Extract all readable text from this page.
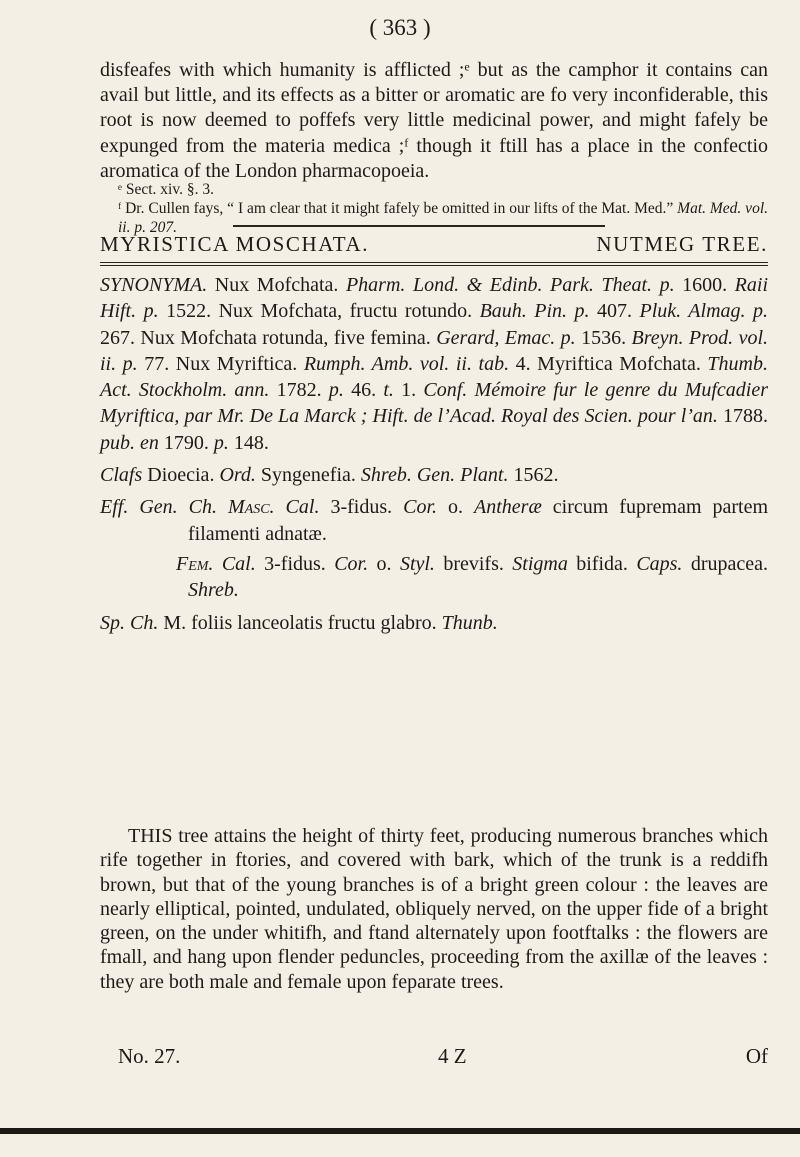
( 363 )
disfeafes with which humanity is afflicted ;ᵉ but as the camphor it contains can avail but little, and its effects as a bitter or aromatic are fo very inconfiderable, this root is now deemed to poffefs very little medicinal power, and might fafely be expunged from the materia medica ;ᶠ though it ftill has a place in the confectio aromatica of the London pharmacopoeia.
ᵉ Sect. xiv. §. 3.
ᶠ Dr. Cullen fays, “ I am clear that it might fafely be omitted in our lifts of the Mat. Med.” Mat. Med. vol. ii. p. 207.
MYRISTICA MOSCHATA.	NUTMEG TREE.

SYNONYMA. Nux Mofchata. Pharm. Lond. & Edinb. Park. Theat. p. 1600. Raii Hift. p. 1522. Nux Mofchata, fructu rotundo. Bauh. Pin. p. 407. Pluk. Almag. p. 267. Nux Mofchata rotunda, five femina. Gerard, Emac. p. 1536. Breyn. Prod. vol. ii. p. 77. Nux Myriftica. Rumph. Amb. vol. ii. tab. 4. Myriftica Mofchata. Thumb. Act. Stockholm. ann. 1782. p. 46. t. 1. Conf. Mémoire fur le genre du Mufcadier Myriftica, par Mr. De La Marck ; Hift. de l’Acad. Royal des Scien. pour l’an. 1788. pub. en 1790. p. 148.

Clafs Dioecia. Ord. Syngenefia. Shreb. Gen. Plant. 1562.

Eff. Gen. Ch. Masc. Cal. 3-fidus. Cor. o. Antheræ circum fupremam partem filamenti adnatæ.

Fem. Cal. 3-fidus. Cor. o. Styl. brevifs. Stigma bifida. Caps. drupacea. Shreb.

Sp. Ch. M. foliis lanceolatis fructu glabro. Thunb.

THIS tree attains the height of thirty feet, producing numerous branches which rife together in ftories, and covered with bark, which of the trunk is a reddifh brown, but that of the young branches is of a bright green colour : the leaves are nearly elliptical, pointed, undulated, obliquely nerved, on the upper fide of a bright green, on the under whitifh, and ftand alternately upon footftalks : the flowers are fmall, and hang upon flender peduncles, proceeding from the axillæ of the leaves : they are both male and female upon feparate trees.

No. 27.	4 Z	Of
